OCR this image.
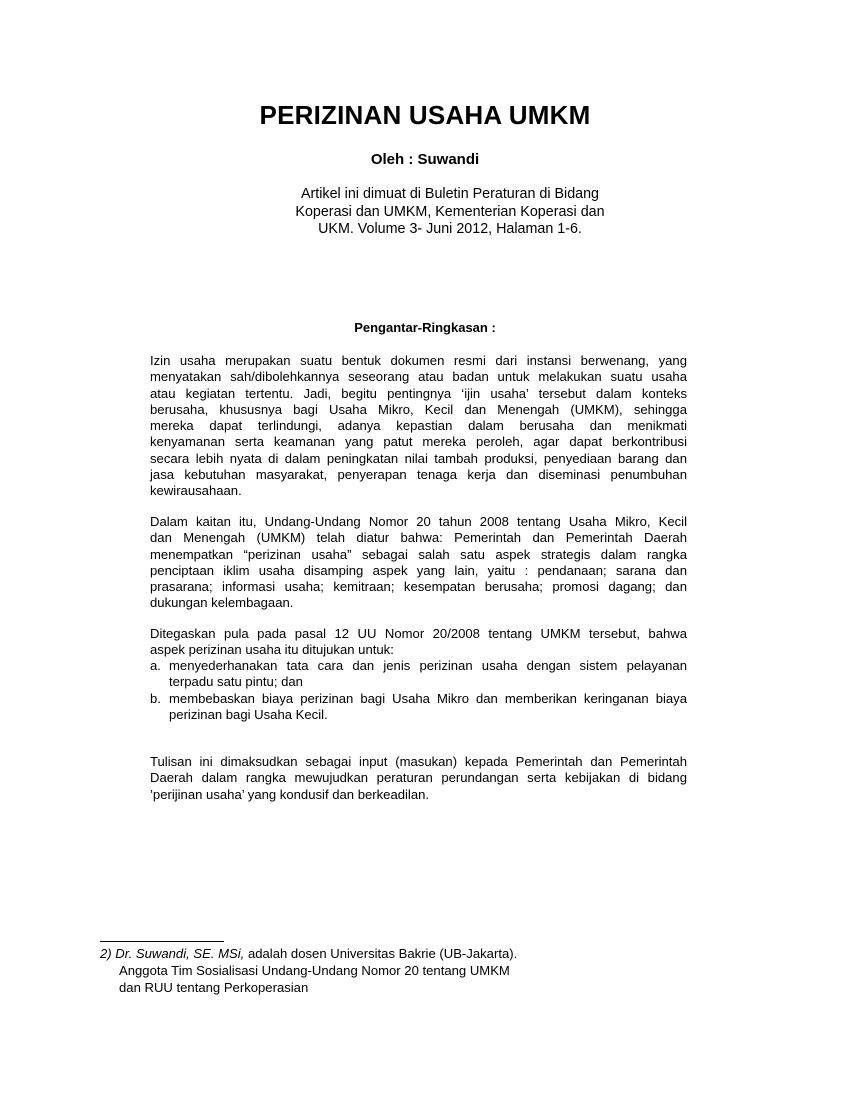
PERIZINAN USAHA UMKM

Oleh : Suwandi

Artikel ini dimuat di Buletin Peraturan di Bidang
Koperasi dan UMKM, Kementerian Koperasi dan
UKM. Volume 3- Juni 2012, Halaman 1-6.

Pengantar-Ringkasan :

Izin usaha merupakan suatu bentuk dokumen resmi dari instansi berwenang, yang
menyatakan sah/dibolehkannya seseorang atau badan untuk melakukan suatu usaha
atau kegiatan tertentu. Jadi, begitu pentingnya ‘ijin usaha’ tersebut dalam konteks
berusaha, khususnya bagi Usaha Mikro, Kecil dan Menengah (UMKM), sehingga
mereka dapat terlindungi, adanya kepastian dalam berusaha dan menikmati
kenyamanan serta keamanan yang patut mereka peroleh, agar dapat berkontribusi
secara lebih nyata di dalam peningkatan nilai tambah produksi, penyediaan barang dan
jasa kebutuhan masyarakat, penyerapan tenaga kerja dan diseminasi penumbuhan
kewirausahaan.

Dalam kaitan itu, Undang-Undang Nomor 20 tahun 2008 tentang Usaha Mikro, Kecil
dan Menengah (UMKM) telah diatur bahwa: Pemerintah dan Pemerintah Daerah
menempatkan “perizinan usaha” sebagai salah satu aspek strategis dalam rangka
penciptaan iklim usaha disamping aspek yang lain, yaitu : pendanaan; sarana dan
prasarana; informasi usaha; kemitraan; kesempatan berusaha; promosi dagang; dan
dukungan kelembagaan.

Ditegaskan pula pada pasal 12 UU Nomor 20/2008 tentang UMKM tersebut, bahwa
aspek perizinan usaha itu ditujukan untuk:

a. menyederhanakan tata cara dan jenis perizinan usaha dengan sistem pelayanan
terpadu satu pintu; dan
b. membebaskan biaya perizinan bagi Usaha Mikro dan memberikan keringanan biaya
perizinan bagi Usaha Kecil.

Tulisan ini dimaksudkan sebagai input (masukan) kepada Pemerintah dan Pemerintah
Daerah dalam rangka mewujudkan peraturan perundangan serta kebijakan di bidang
’perijinan usaha’ yang kondusif dan berkeadilan.

2) Dr. Suwandi, SE. MSi, adalah dosen Universitas Bakrie (UB-Jakarta).
Anggota Tim Sosialisasi Undang-Undang Nomor 20 tentang UMKM
dan RUU tentang Perkoperasian
